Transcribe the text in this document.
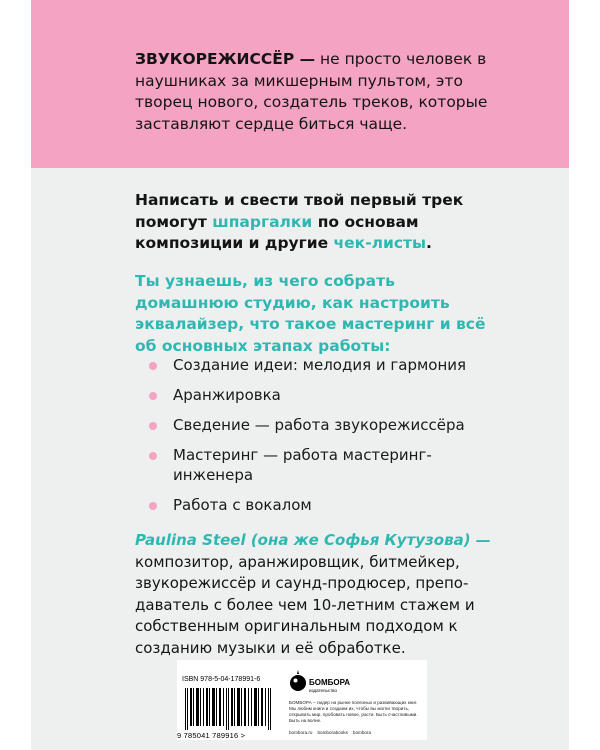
ЗВУКОРЕЖИССЁР — не просто человек в наушниках за микшерным пультом, это творец нового, создатель треков, которые заставляют сердце биться чаще.
Написать и свести твой первый трек помогут шпаргалки по основам композиции и другие чек-листы.
Ты узнаешь, из чего собрать домашнюю студию, как настроить эквалайзер, что такое мастеринг и всё об основных этапах работы:
Создание идеи: мелодия и гармония
Аранжировка
Сведение — работа звукорежиссёра
Мастеринг — работа мастеринг-инженера
Работа с вокалом
Paulina Steel (она же Софья Кутузова) — композитор, аранжировщик, битмейкер, звукорежиссёр и саунд-продюсер, преподаватель с более чем 10-летним стажем и собственным оригинальным подходом к созданию музыки и её обработке.
ISBN 978-5-04-178991-6
9 785041 789916 >
БОМБОРА
издательство
БОМБОРА – лидер на рынке полезных и развивающих книг. Мы любим книги и создаем их, чтобы вы могли творить, открывать мир, пробовать новое, расти. Быть счастливыми. Быть на волне.
bombora.ru bomborabooks bombora
